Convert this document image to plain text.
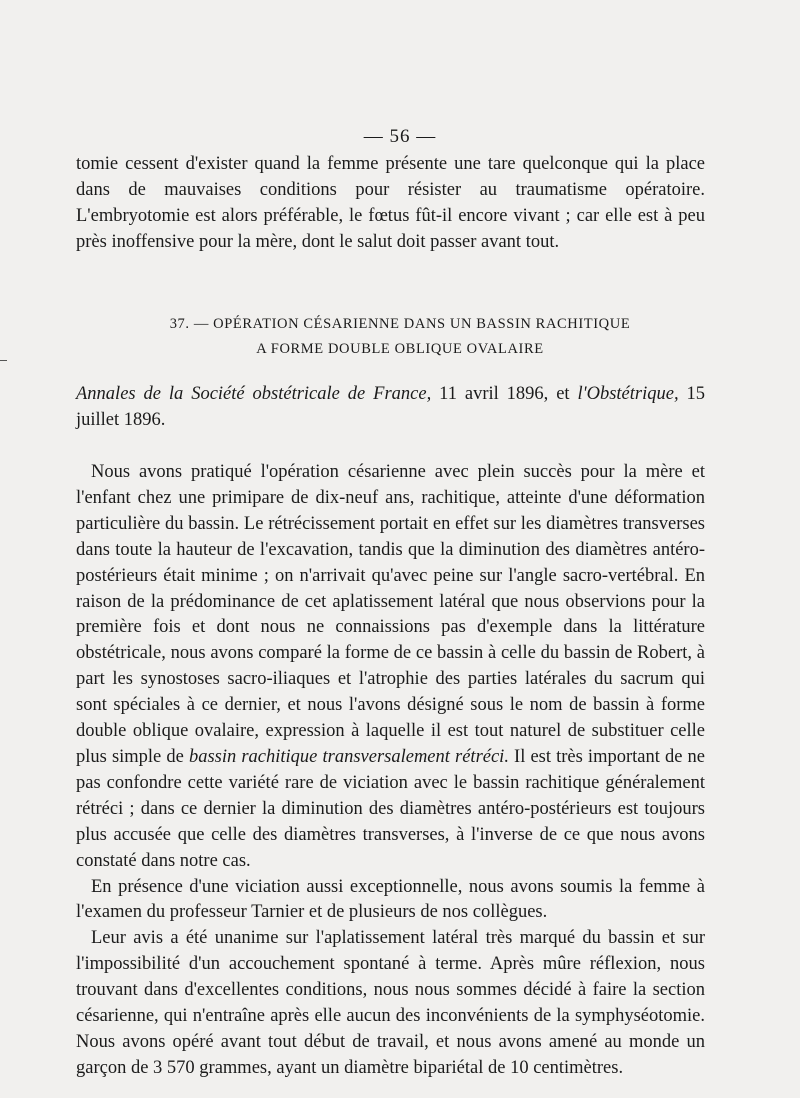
— 56 —

tomie cessent d'exister quand la femme présente une tare quelconque qui la place dans de mauvaises conditions pour résister au traumatisme opératoire. L'embryotomie est alors préférable, le fœtus fût-il encore vivant ; car elle est à peu près inoffensive pour la mère, dont le salut doit passer avant tout.

37. — OPÉRATION CÉSARIENNE DANS UN BASSIN RACHITIQUE
A FORME DOUBLE OBLIQUE OVALAIRE

Annales de la Société obstétricale de France, 11 avril 1896, et l'Obstétrique, 15 juillet 1896.

Nous avons pratiqué l'opération césarienne avec plein succès pour la mère et l'enfant chez une primipare de dix-neuf ans, rachitique, atteinte d'une déformation particulière du bassin. Le rétrécissement portait en effet sur les diamètres transverses dans toute la hauteur de l'excavation, tandis que la diminution des diamètres antéro-postérieurs était minime ; on n'arrivait qu'avec peine sur l'angle sacro-vertébral. En raison de la prédominance de cet aplatissement latéral que nous observions pour la première fois et dont nous ne connaissions pas d'exemple dans la littérature obstétricale, nous avons comparé la forme de ce bassin à celle du bassin de Robert, à part les synostoses sacro-iliaques et l'atrophie des parties latérales du sacrum qui sont spéciales à ce dernier, et nous l'avons désigné sous le nom de bassin à forme double oblique ovalaire, expression à laquelle il est tout naturel de substituer celle plus simple de bassin rachitique transversalement rétréci. Il est très important de ne pas confondre cette variété rare de viciation avec le bassin rachitique généralement rétréci ; dans ce dernier la diminution des diamètres antéro-postérieurs est toujours plus accusée que celle des diamètres transverses, à l'inverse de ce que nous avons constaté dans notre cas.

En présence d'une viciation aussi exceptionnelle, nous avons soumis la femme à l'examen du professeur Tarnier et de plusieurs de nos collègues.

Leur avis a été unanime sur l'aplatissement latéral très marqué du bassin et sur l'impossibilité d'un accouchement spontané à terme. Après mûre réflexion, nous trouvant dans d'excellentes conditions, nous nous sommes décidé à faire la section césarienne, qui n'entraîne après elle aucun des inconvénients de la symphyséotomie. Nous avons opéré avant tout début de travail, et nous avons amené au monde un garçon de 3 570 grammes, ayant un diamètre bipariétal de 10 centimètres.
